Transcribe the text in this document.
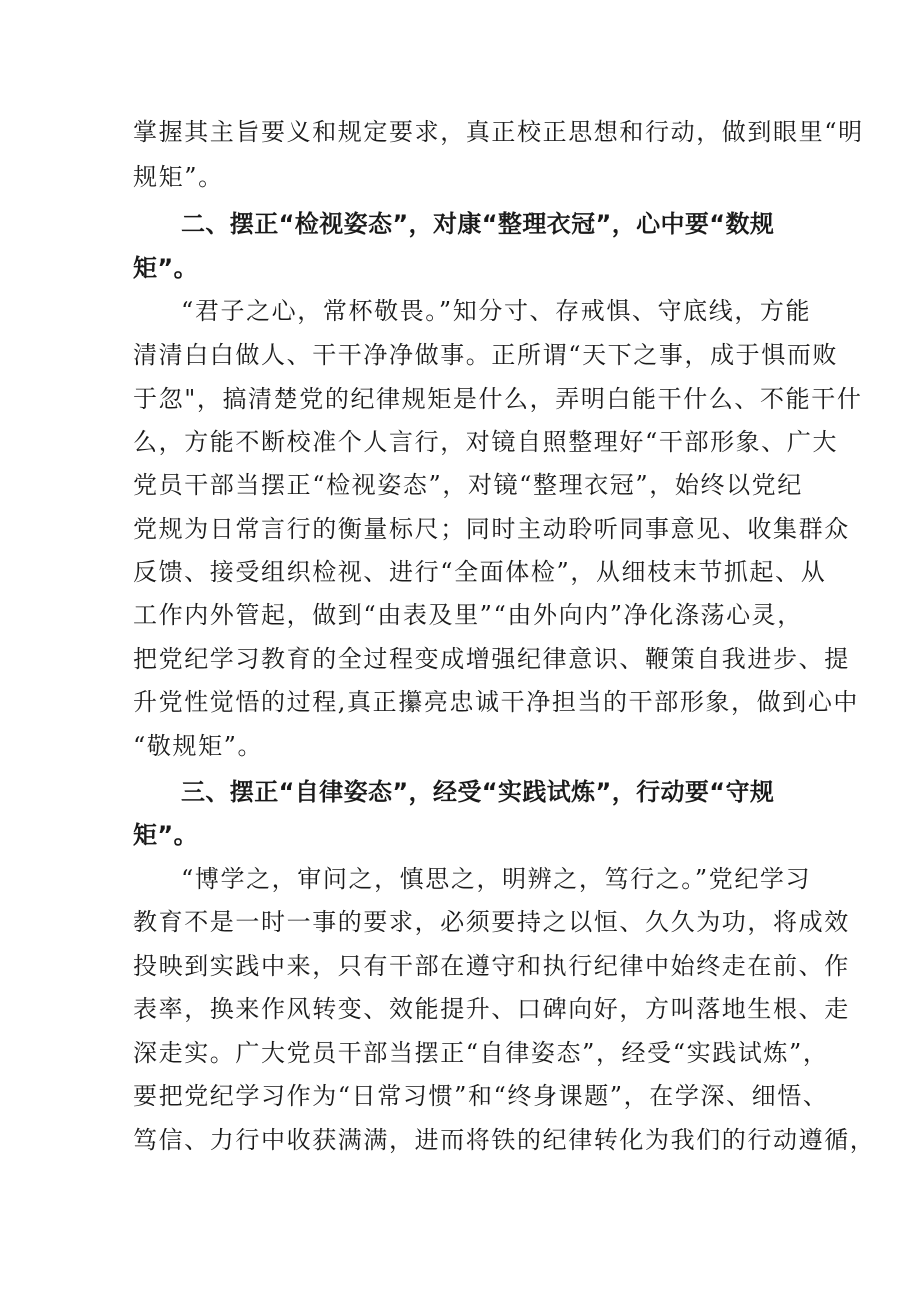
掌握其主旨要义和规定要求，真正校正思想和行动，做到眼里“明
规矩”。
二、摆正“检视姿态”，对康“整理衣冠”，心中要“数规
矩”。
“君子之心，常杯敬畏。”知分寸、存戒惧、守底线，方能
清清白白做人、干干净净做事。正所谓“天下之事，成于惧而败
于忽"，搞清楚党的纪律规矩是什么，弄明白能干什么、不能干什
么，方能不断校准个人言行，对镜自照整理好“干部形象、广大
党员干部当摆正“检视姿态”，对镜“整理衣冠”，始终以党纪
党规为日常言行的衡量标尺；同时主动聆听同事意见、收集群众
反馈、接受组织检视、进行“全面体检”，从细枝末节抓起、从
工作内外管起，做到“由表及里”“由外向内”净化涤荡心灵，
把党纪学习教育的全过程变成增强纪律意识、鞭策自我进步、提
升党性觉悟的过程,真正攥亮忠诚干净担当的干部形象，做到心中
“敬规矩”。
三、摆正“自律姿态”，经受“实践试炼”，行动要“守规
矩”。
“博学之，审问之，慎思之，明辨之，笃行之。”党纪学习
教育不是一时一事的要求，必须要持之以恒、久久为功，将成效
投映到实践中来，只有干部在遵守和执行纪律中始终走在前、作
表率，换来作风转变、效能提升、口碑向好，方叫落地生根、走
深走实。广大党员干部当摆正“自律姿态”，经受“实践试炼”，
要把党纪学习作为“日常习惯”和“终身课题”，在学深、细悟、
笃信、力行中收获满满，进而将铁的纪律转化为我们的行动遵循，
